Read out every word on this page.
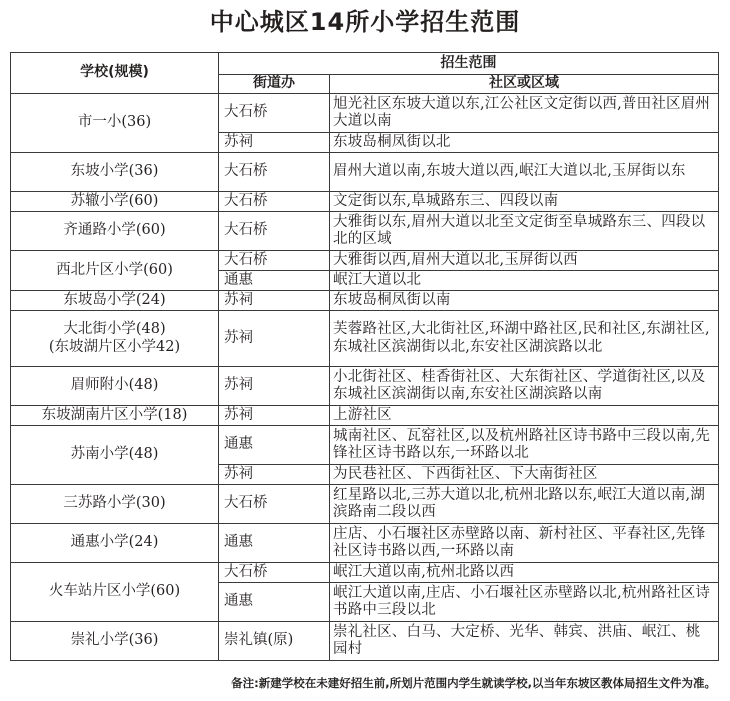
中心城区14所小学招生范围
学校(规模)	招生范围	
	街道办	社区或区域
市一小(36)	大石桥	旭光社区东坡大道以东,江公社区文定街以西,普田社区眉州大道以南
	苏祠	东坡岛桐凤街以北
东坡小学(36)	大石桥	眉州大道以南,东坡大道以西,岷江大道以北,玉屏街以东
苏辙小学(60)	大石桥	文定街以东,阜城路东三、四段以南
齐通路小学(60)	大石桥	大雅街以东,眉州大道以北至文定街至阜城路东三、四段以北的区域
西北片区小学(60)	大石桥	大雅街以西,眉州大道以北,玉屏街以西
	通惠	岷江大道以北
东坡岛小学(24)	苏祠	东坡岛桐凤街以南

大北街小学(48)
(东坡湖片区小学42)	苏祠	芙蓉路社区,大北街社区,环湖中路社区,民和社区,东湖社区,东城社区滨湖街以北,东安社区湖滨路以北
眉师附小(48)	苏祠	小北街社区、桂香街社区、大东街社区、学道街社区,以及东城社区滨湖街以南,东安社区湖滨路以南
东坡湖南片区小学(18)	苏祠	上游社区
苏南小学(48)	通惠	城南社区、瓦窑社区,以及杭州路社区诗书路中三段以南,先锋社区诗书路以东,一环路以北
	苏祠	为民巷社区、下西街社区、下大南街社区
三苏路小学(30)	大石桥	红星路以北,三苏大道以北,杭州北路以东,岷江大道以南,湖滨路南二段以西
通惠小学(24)	通惠	庄店、小石堰社区赤壁路以南、新村社区、平春社区,先锋社区诗书路以西,一环路以南
火车站片区小学(60)	大石桥	岷江大道以南,杭州北路以西
	通惠	岷江大道以南,庄店、小石堰社区赤壁路以北,杭州路社区诗书路中三段以北
崇礼小学(36)	崇礼镇(原)	崇礼社区、白马、大定桥、光华、韩宾、洪庙、岷江、桃园村
备注:新建学校在未建好招生前,所划片范围内学生就读学校,以当年东坡区教体局招生文件为准。
